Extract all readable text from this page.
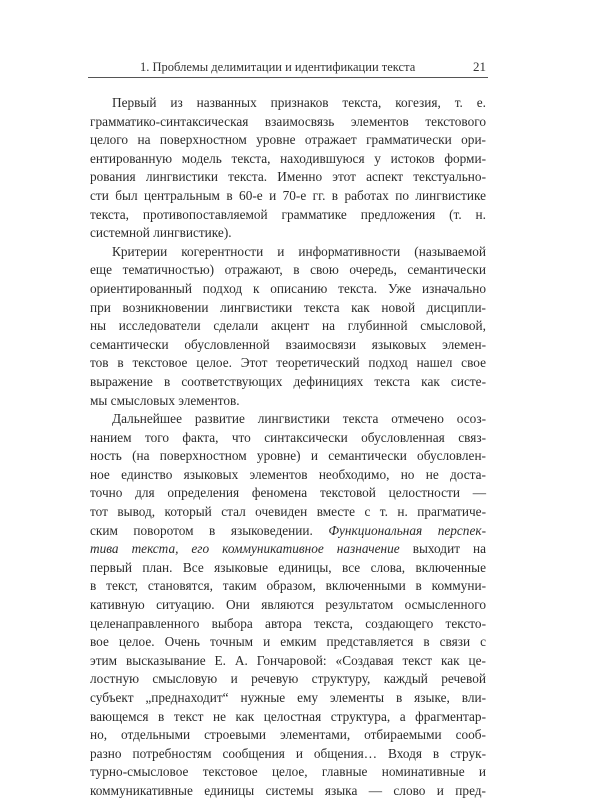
1. Проблемы делимитации и идентификации текста	21
Первый из названных признаков текста, когезия, т. е.
грамматико-синтаксическая взаимосвязь элементов текстового
целого на поверхностном уровне отражает грамматически ори-
ентированную модель текста, находившуюся у истоков форми-
рования лингвистики текста. Именно этот аспект текстуально-
сти был центральным в 60-е и 70-е гг. в работах по лингвистике
текста, противопоставляемой грамматике предложения (т. н.
системной лингвистике).
Критерии когерентности и информативности (называемой
еще тематичностью) отражают, в свою очередь, семантически
ориентированный подход к описанию текста. Уже изначально
при возникновении лингвистики текста как новой дисципли-
ны исследователи сделали акцент на глубинной смысловой,
семантически обусловленной взаимосвязи языковых элемен-
тов в текстовое целое. Этот теоретический подход нашел свое
выражение в соответствующих дефинициях текста как систе-
мы смысловых элементов.
Дальнейшее развитие лингвистики текста отмечено осоз-
нанием того факта, что синтаксически обусловленная связ-
ность (на поверхностном уровне) и семантически обусловлен-
ное единство языковых элементов необходимо, но не доста-
точно для определения феномена текстовой целостности —
тот вывод, который стал очевиден вместе с т. н. прагматиче-
ским поворотом в языковедении. Функциональная перспек-
тива текста, его коммуникативное назначение выходит на
первый план. Все языковые единицы, все слова, включенные
в текст, становятся, таким образом, включенными в коммуни-
кативную ситуацию. Они являются результатом осмысленного
целенаправленного выбора автора текста, создающего тексто-
вое целое. Очень точным и емким представляется в связи с
этим высказывание Е. А. Гончаровой: «Создавая текст как це-
лостную смысловую и речевую структуру, каждый речевой
субъект „преднаходит“ нужные ему элементы в языке, вли-
вающемся в текст не как целостная структура, а фрагментар-
но, отдельными строевыми элементами, отбираемыми сооб-
разно потребностям сообщения и общения… Входя в струк-
турно-смысловое текстовое целое, главные номинативные и
коммуникативные единицы системы языка — слово и пред-
